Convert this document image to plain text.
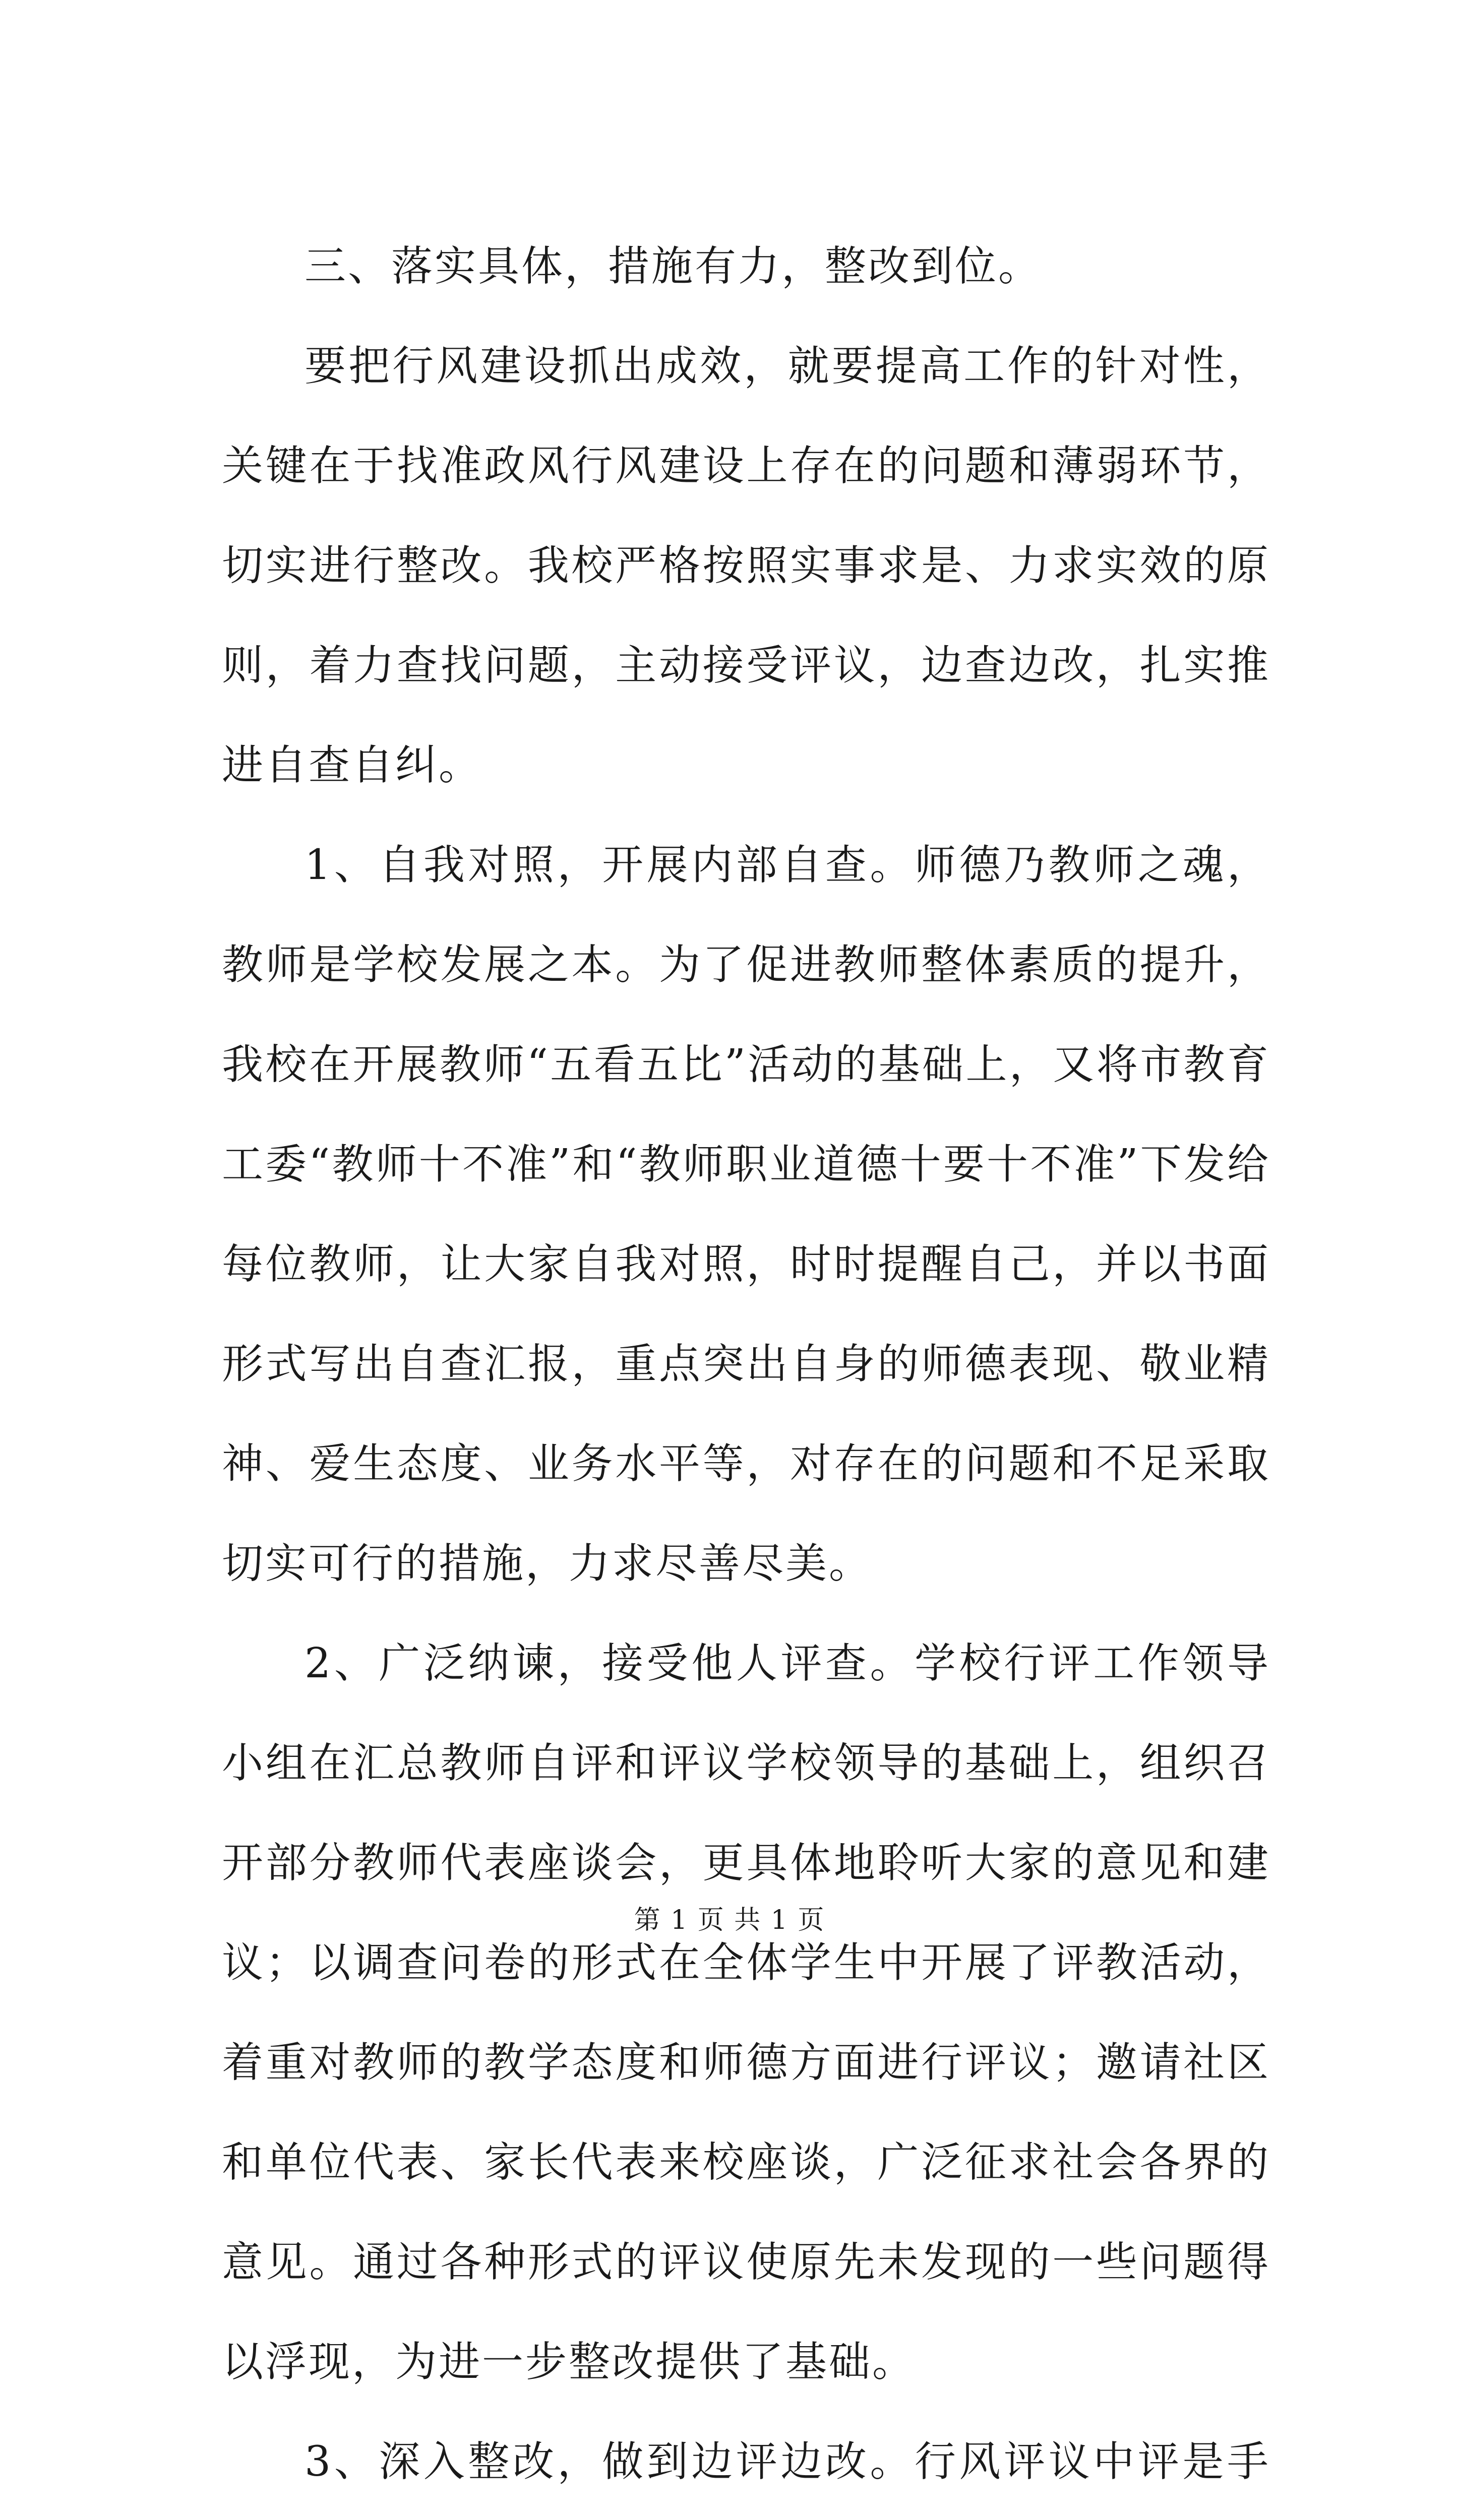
三、落实具体，措施有力，整改到位。

要把行风建设抓出成效，就要提高工作的针对性，关键在于找准政风行风建设上存在的问题和薄弱环节，切实进行整改。我校严格按照实事求是、力求实效的原则，着力查找问题，主动接受评议，边查边改，扎实推进自查自纠。

1、自我对照，开展内部自查。师德乃教师之魂，教师是学校发展之本。为了促进教师整体素质的提升，我校在开展教师“五看五比”活动的基础上，又将市教育工委“教师十不准”和“教师职业道德十要十不准”下发给每位教师，让大家自我对照，时时提醒自己，并以书面形式写出自查汇报，重点突出自身的师德表现、敬业精神、爱生态度、业务水平等，对存在的问题和不足采取切实可行的措施，力求尽善尽美。

2、广泛纳谏，接受他人评查。学校行评工作领导小组在汇总教师自评和评议学校领导的基础上，组织召开部分教师代表座谈会，更具体地聆听大家的意见和建议；以调查问卷的形式在全体学生中开展了评教活动，着重对教师的教学态度和师德方面进行评议；邀请社区和单位代表、家长代表来校座谈，广泛征求社会各界的意见。通过各种形式的评议使原先未发现的一些问题得以浮现，为进一步整改提供了基础。

3、深入整改，做到边评边改。行风评议中评是手

第 1 页 共 1 页
